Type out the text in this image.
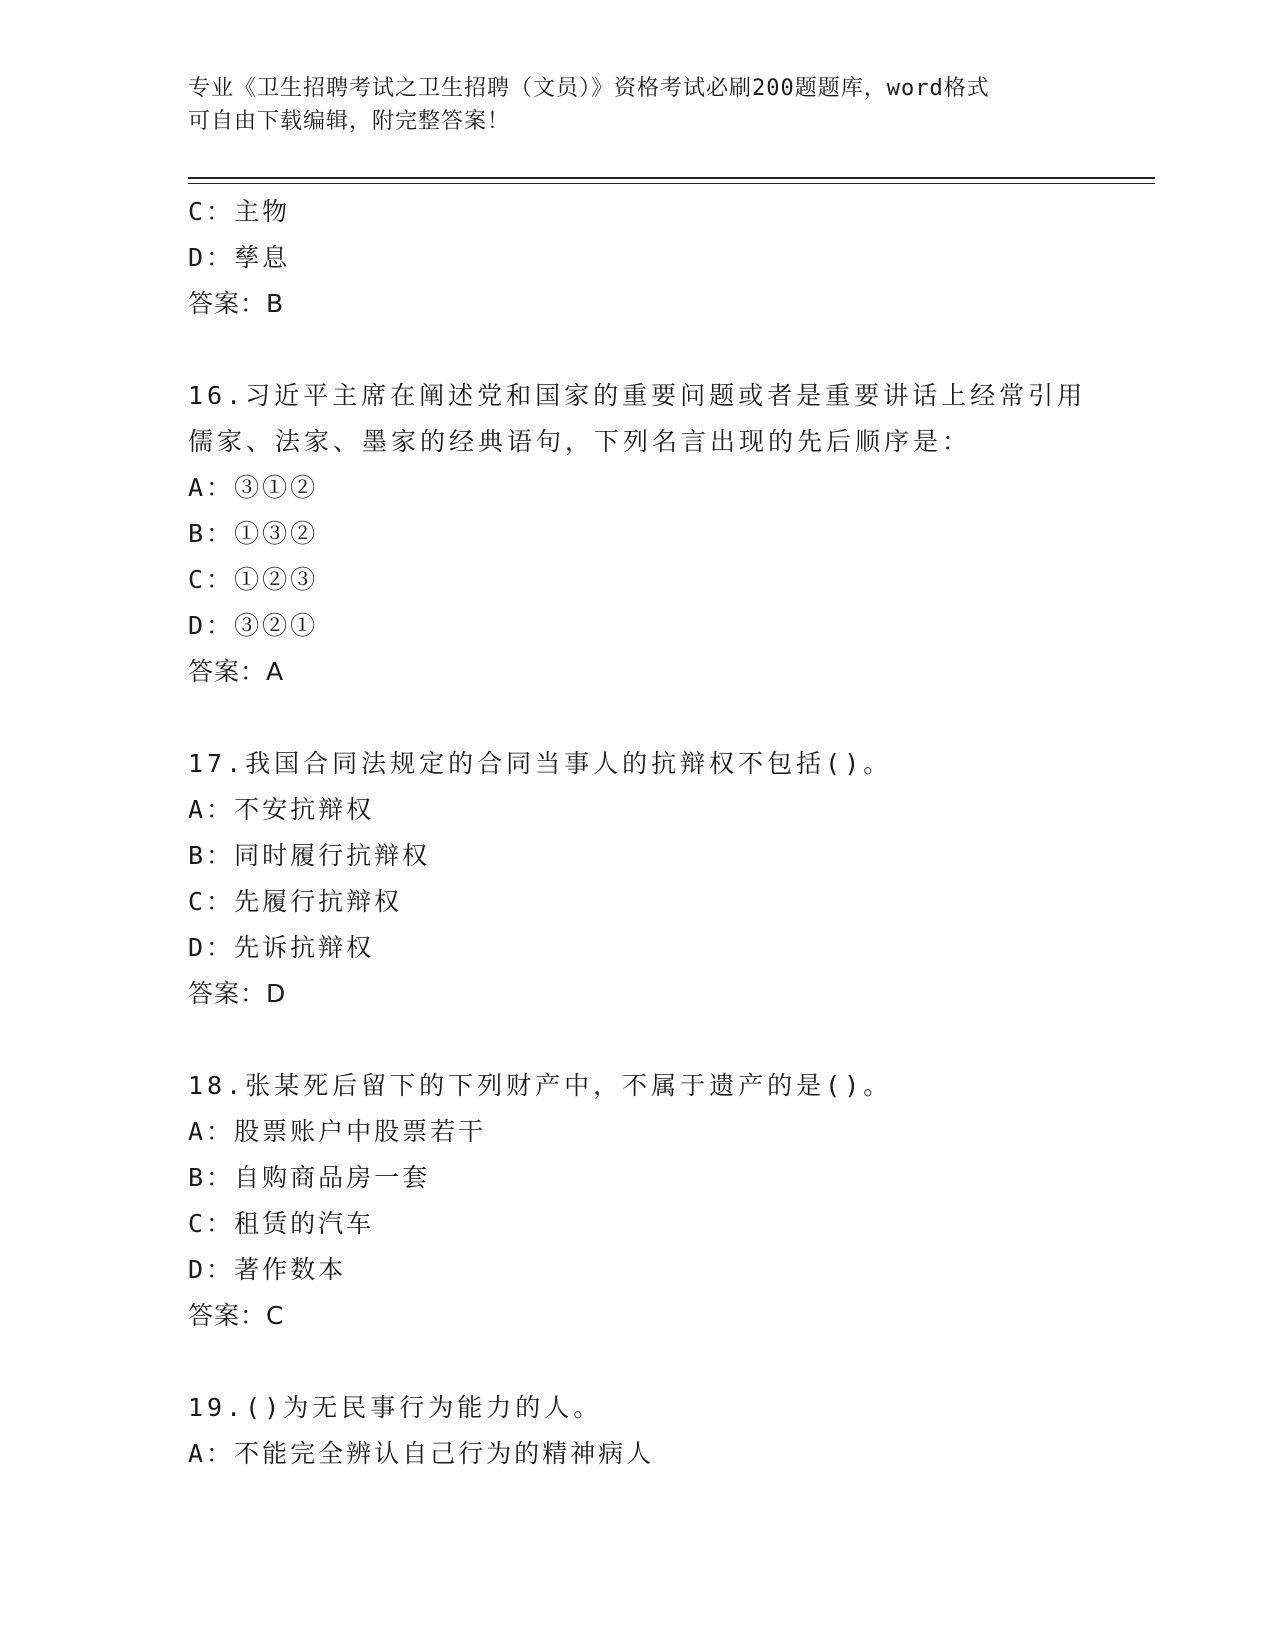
专业《卫生招聘考试之卫生招聘（文员）》资格考试必刷200题题库，word格式
可自由下载编辑，附完整答案！
C：主物
D：孳息
答案：B
16.习近平主席在阐述党和国家的重要问题或者是重要讲话上经常引用儒家、法家、墨家的经典语句，下列名言出现的先后顺序是：
A：③①②
B：①③②
C：①②③
D：③②①
答案：A
17.我国合同法规定的合同当事人的抗辩权不包括()。
A：不安抗辩权
B：同时履行抗辩权
C：先履行抗辩权
D：先诉抗辩权
答案：D
18.张某死后留下的下列财产中，不属于遗产的是()。
A：股票账户中股票若干
B：自购商品房一套
C：租赁的汽车
D：著作数本
答案：C
19.()为无民事行为能力的人。
A：不能完全辨认自己行为的精神病人
